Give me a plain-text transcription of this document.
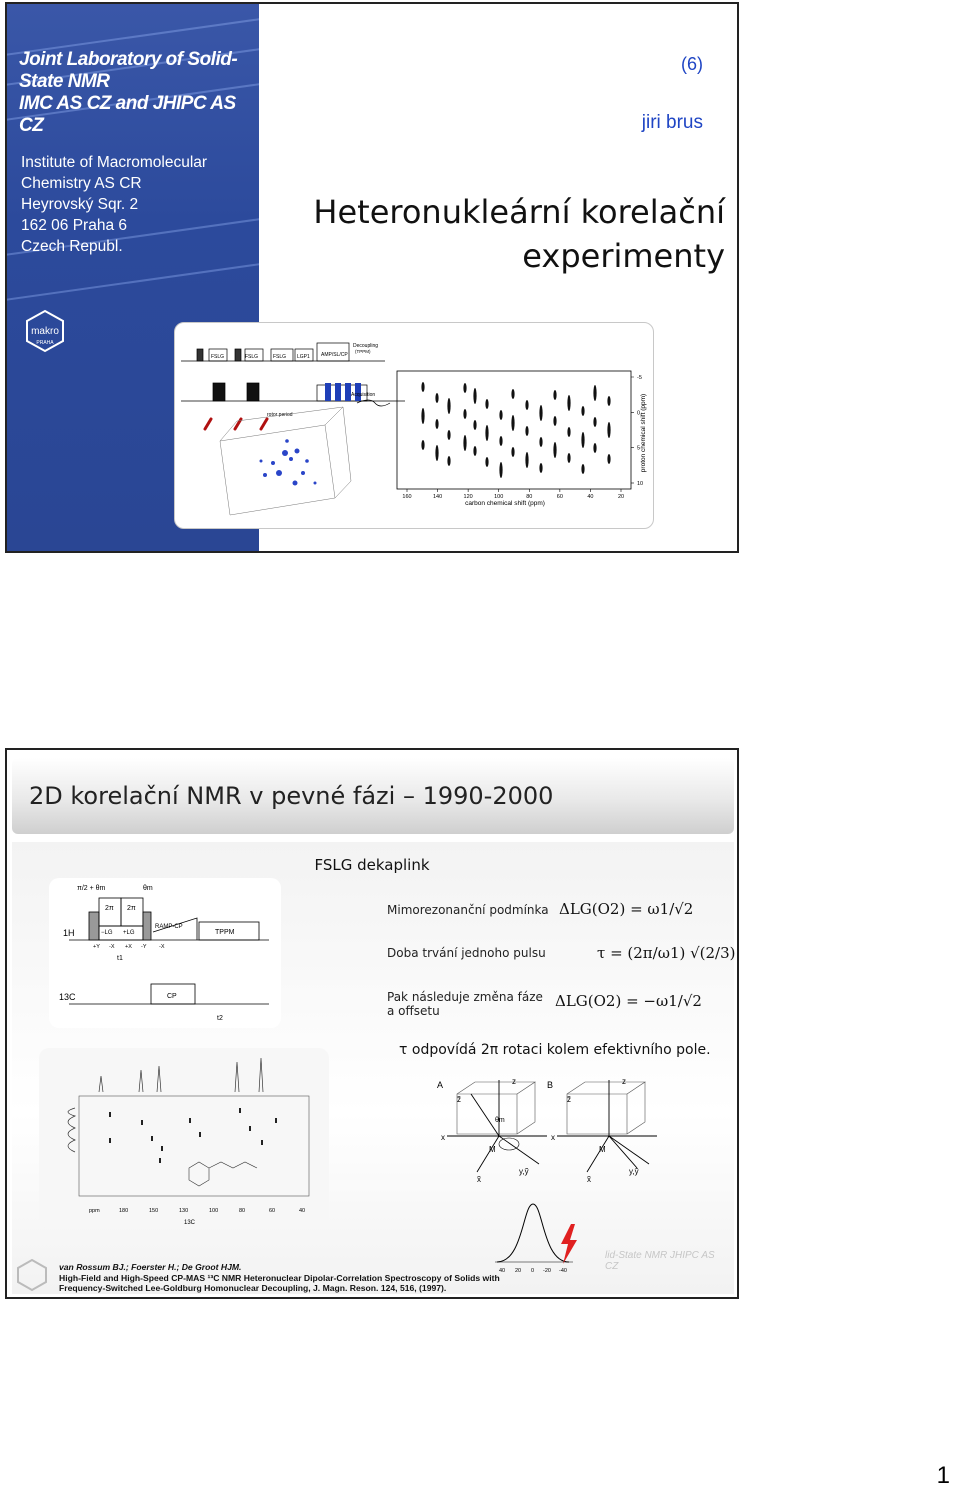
Joint Laboratory of Solid-State NMR
IMC AS CZ and JHIPC AS CZ
Institute of Macromolecular
Chemistry AS CR
Heyrovský Sqr. 2
162 06 Praha 6
Czech Republ.
makro
PRAHA
(6)
jiri brus
Heteronukleární korelační
experimenty
FSLG	FSLG	FSLG LGP1 AMP/SL/CP
Decoupling
(TPPM)
Acquisition
rotor period
160	140	120	100	80	60	40	20
-5
0
5
10
carbon chemical shift (ppm)
proton chemical shift (ppm)
2D korelační NMR v pevné fázi – 1990-2000
FSLG dekaplink
π/2 + θm	θm
2π 2π
−LG +LG
RAMP-CP
TPPM
CP
1H
13C
+Y -X +X -Y -X
t1
t2
Mimorezonanční podmínka ΔLG(O2) = ω1/√2
Doba trvání jednoho pulsu	τ = (2π/ω1) √(2/3)
Pak následuje změna fáze
a offsetu
ΔLG(O2) = −ω1/√2
τ odpovídá 2π rotaci kolem efektivního pole.
ppm	180	150	130	100	80	60	40
13C
A	B
z	z
z̃	z̃
x	x
M	M
θm
y,ỹ	y,ỹ
x̃	x̃
40 20 0 -20 -40
van Rossum BJ.; Foerster H.; De Groot HJM.
High-Field and High-Speed CP-MAS ¹³C NMR Heteronuclear Dipolar-Correlation Spectroscopy of Solids with
Frequency-Switched Lee-Goldburg Homonuclear Decoupling, J. Magn. Reson. 124, 516, (1997).
lid-State NMR JHIPC AS CZ
1
